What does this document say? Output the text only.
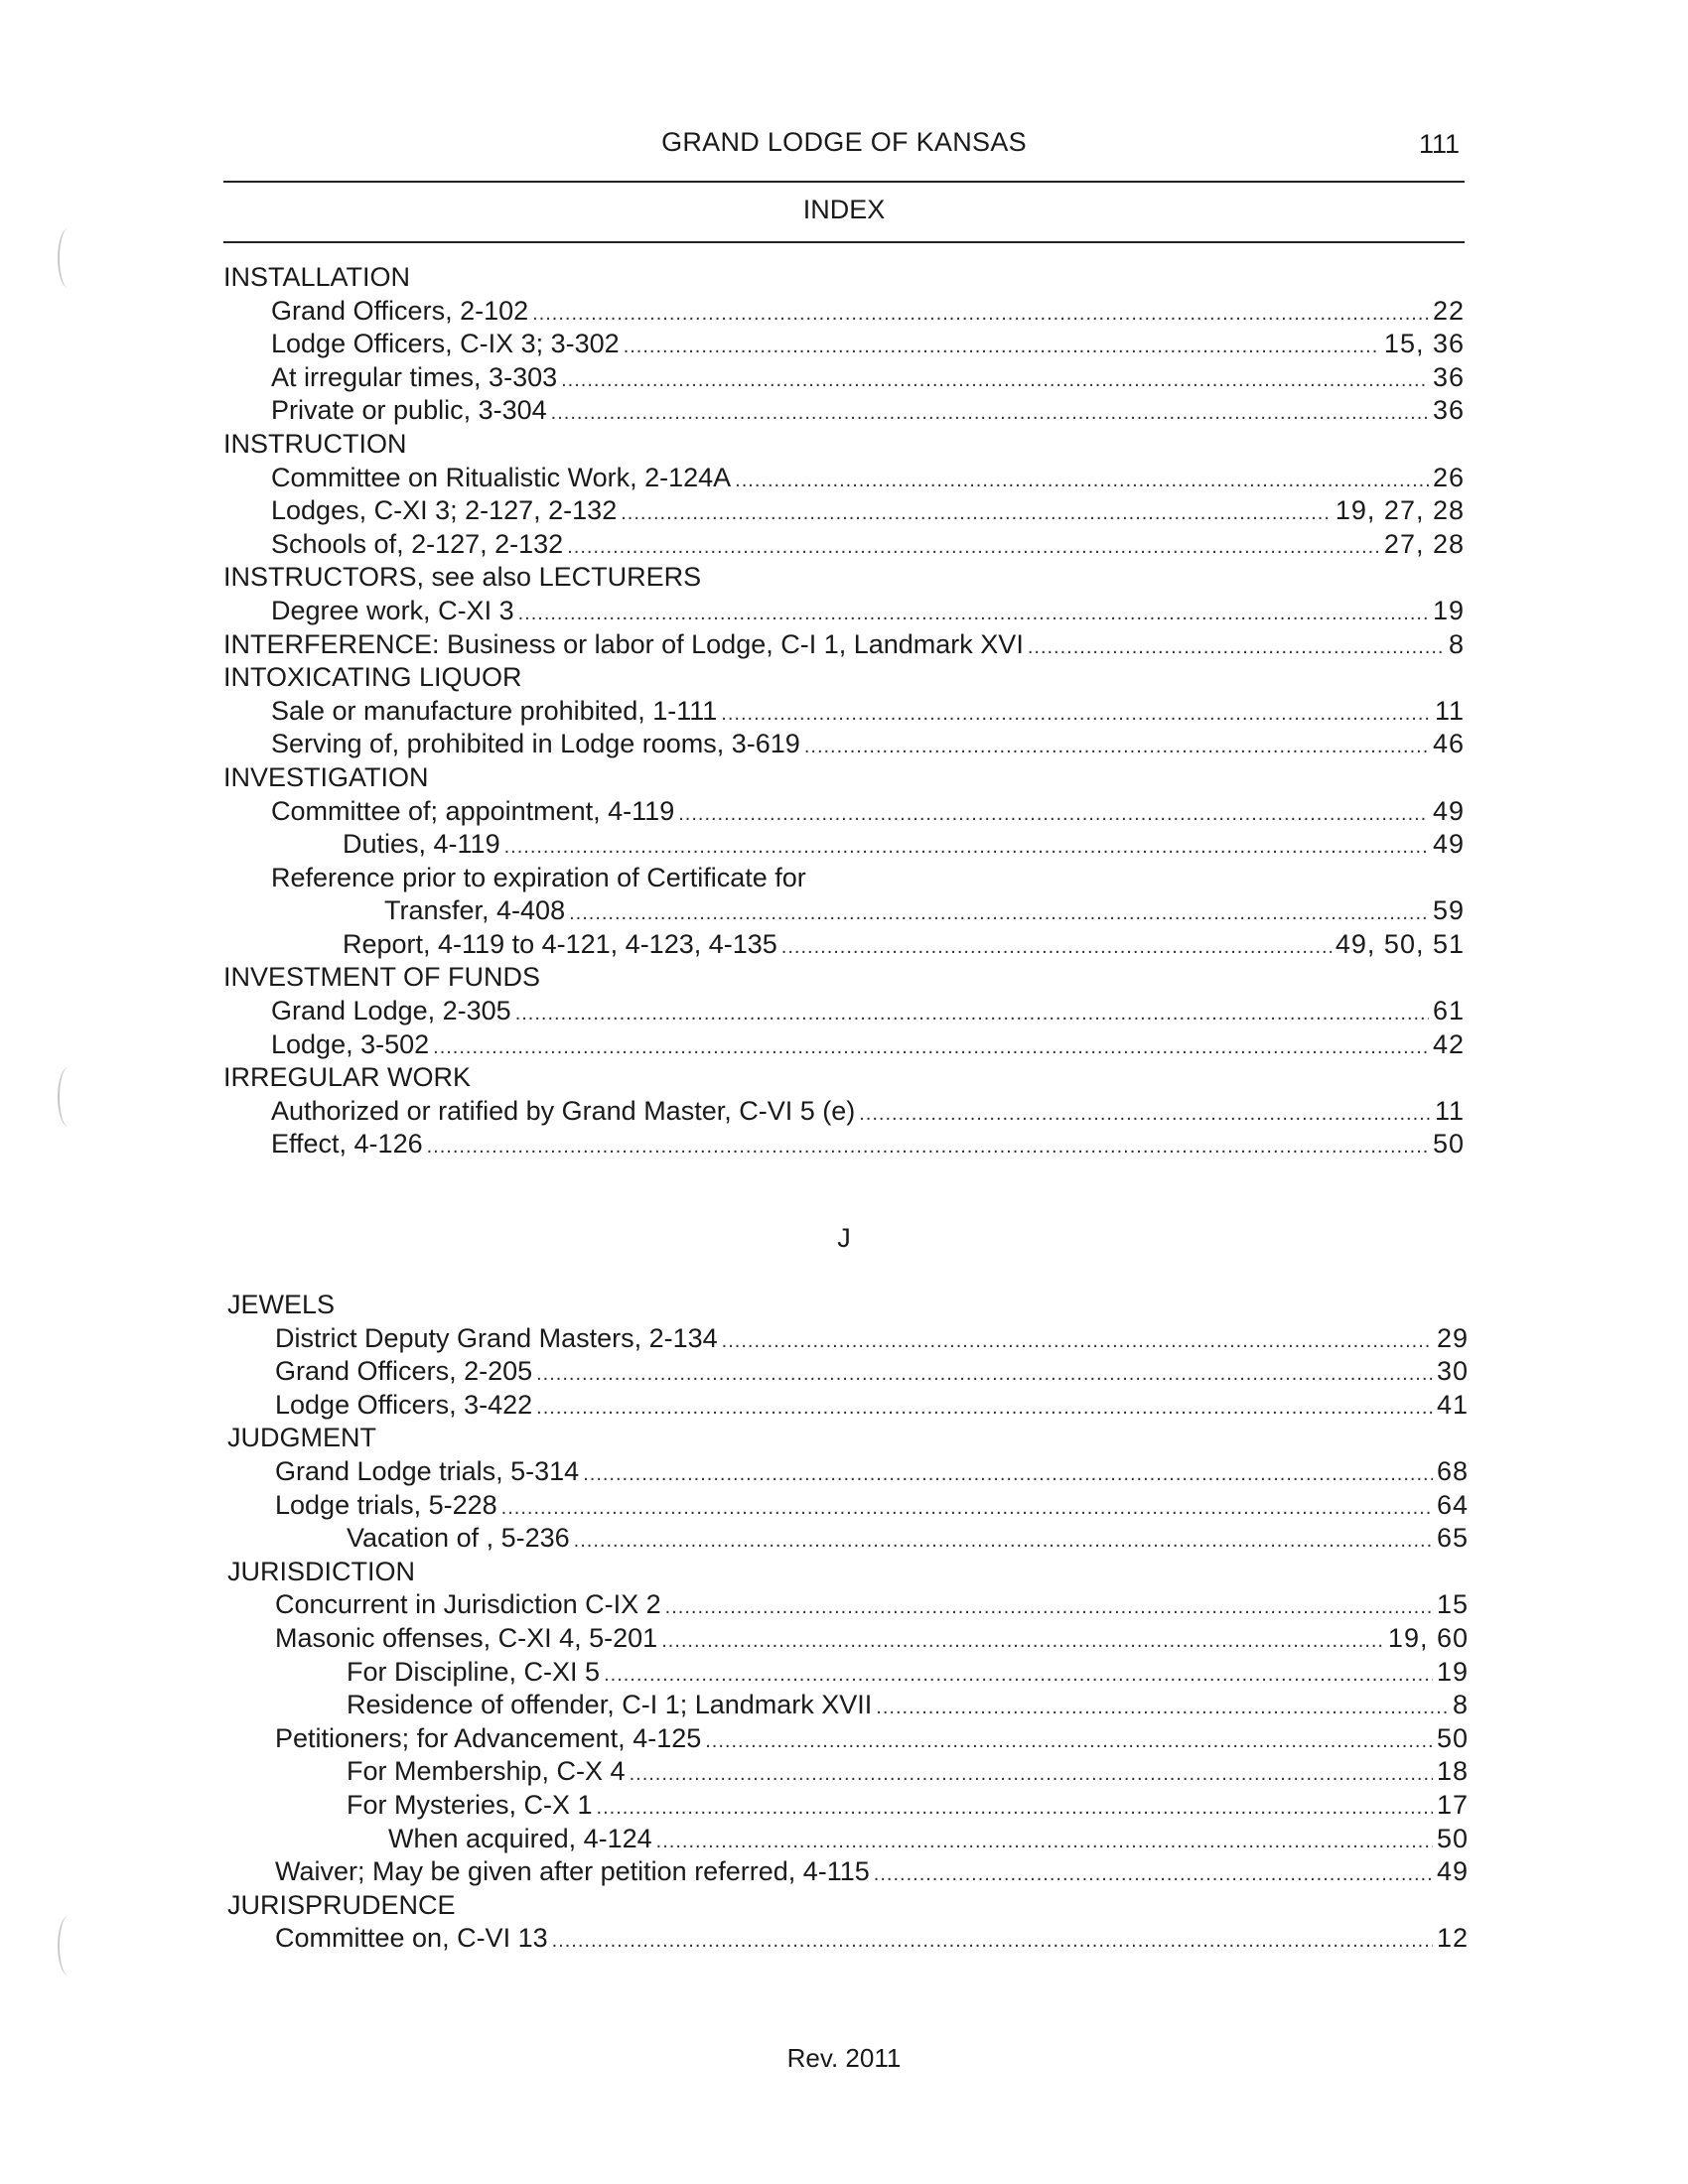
GRAND LODGE OF KANSAS	111
INDEX
INSTALLATION
Grand Officers, 2-102 .....	22
Lodge Officers, C-IX 3; 3-302 .....	15, 36
At irregular times, 3-303 .....	36
Private or public, 3-304 .....	36
INSTRUCTION
Committee on Ritualistic Work, 2-124A .....	26
Lodges, C-XI 3; 2-127, 2-132 .....	19, 27, 28
Schools of, 2-127, 2-132 .....	27, 28
INSTRUCTORS, see also LECTURERS
Degree work, C-XI 3 .....	19
INTERFERENCE: Business or labor of Lodge, C-I 1, Landmark XVI .....	8
INTOXICATING LIQUOR
Sale or manufacture prohibited, 1-111 .....	11
Serving of, prohibited in Lodge rooms, 3-619 .....	46
INVESTIGATION
Committee of; appointment, 4-119 .....	49
Duties, 4-119 .....	49
Reference prior to expiration of Certificate for
Transfer, 4-408 .....	59
Report, 4-119 to 4-121, 4-123, 4-135 .....	49, 50, 51
INVESTMENT OF FUNDS
Grand Lodge, 2-305 .....	61
Lodge, 3-502 .....	42
IRREGULAR WORK
Authorized or ratified by Grand Master, C-VI 5 (e) .....	11
Effect, 4-126 .....	50
J
JEWELS
District Deputy Grand Masters, 2-134 .....	29
Grand Officers, 2-205 .....	30
Lodge Officers, 3-422 .....	41
JUDGMENT
Grand Lodge trials, 5-314 .....	68
Lodge trials, 5-228 .....	64
Vacation of , 5-236 .....	65
JURISDICTION
Concurrent in Jurisdiction C-IX 2 .....	15
Masonic offenses, C-XI 4, 5-201 .....	19, 60
For Discipline, C-XI 5 .....	19
Residence of offender, C-I 1; Landmark XVII .....	8
Petitioners; for Advancement, 4-125 .....	50
For Membership, C-X 4 .....	18
For Mysteries, C-X 1 .....	17
When acquired, 4-124 .....	50
Waiver; May be given after petition referred, 4-115 .....	49
JURISPRUDENCE
Committee on, C-VI 13 .....	12
Rev. 2011
